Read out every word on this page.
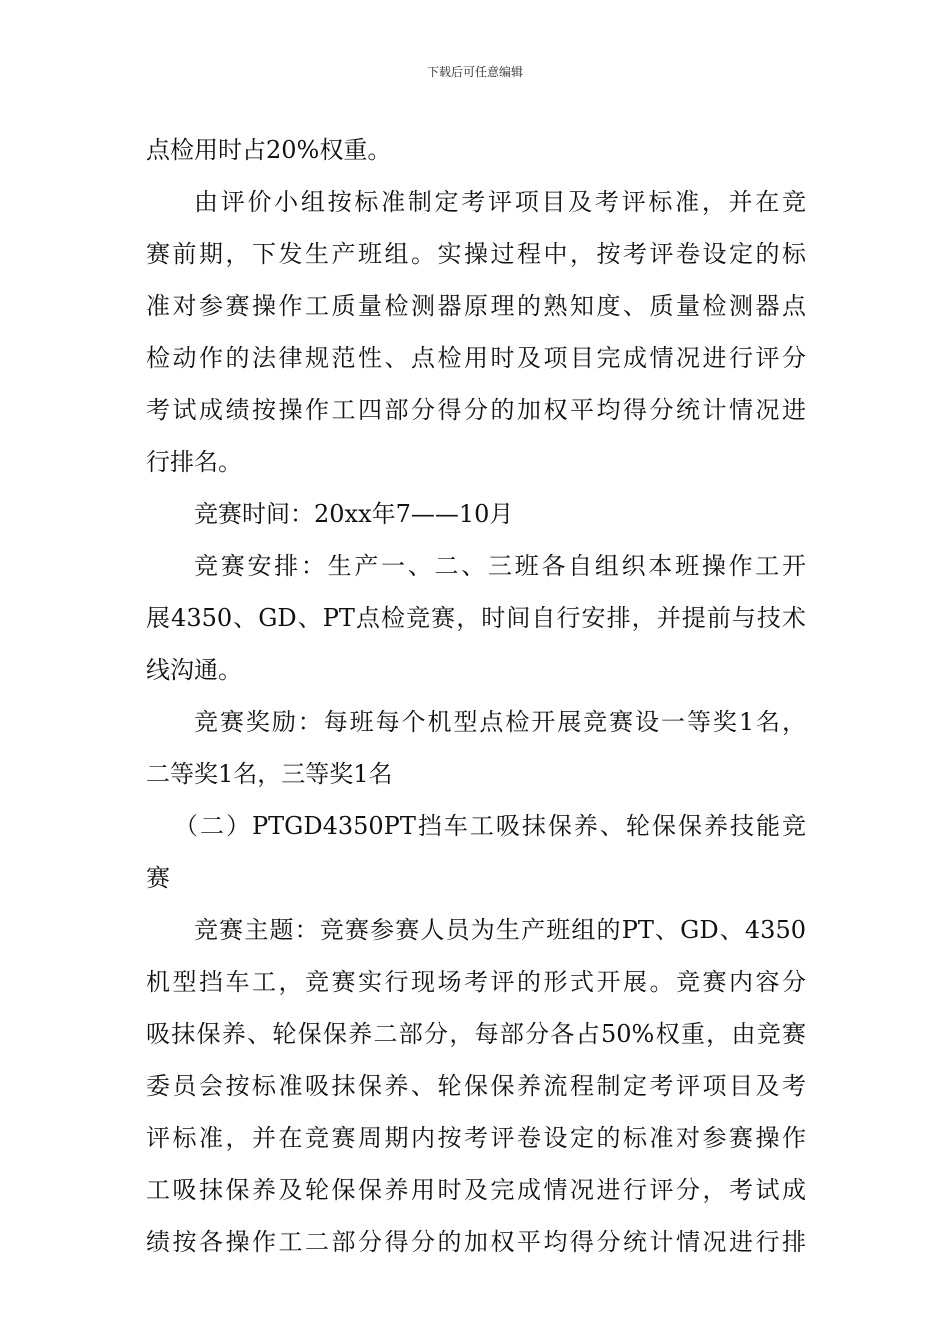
下载后可任意编辑
点检用时占20%权重。
由评价小组按标准制定考评项目及考评标准，并在竞
赛前期，下发生产班组。实操过程中，按考评卷设定的标
准对参赛操作工质量检测器原理的熟知度、质量检测器点
检动作的法律规范性、点检用时及项目完成情况进行评分
考试成绩按操作工四部分得分的加权平均得分统计情况进
行排名。
竞赛时间：20xx年7——10月
竞赛安排：生产一、二、三班各自组织本班操作工开
展4350、GD、PT点检竞赛，时间自行安排，并提前与技术
线沟通。
竞赛奖励：每班每个机型点检开展竞赛设一等奖1名，
二等奖1名，三等奖1名
（二）PTGD4350PT挡车工吸抹保养、轮保保养技能竞
赛
竞赛主题：竞赛参赛人员为生产班组的PT、GD、4350
机型挡车工，竞赛实行现场考评的形式开展。竞赛内容分
吸抹保养、轮保保养二部分，每部分各占50%权重，由竞赛
委员会按标准吸抹保养、轮保保养流程制定考评项目及考
评标准，并在竞赛周期内按考评卷设定的标准对参赛操作
工吸抹保养及轮保保养用时及完成情况进行评分，考试成
绩按各操作工二部分得分的加权平均得分统计情况进行排
